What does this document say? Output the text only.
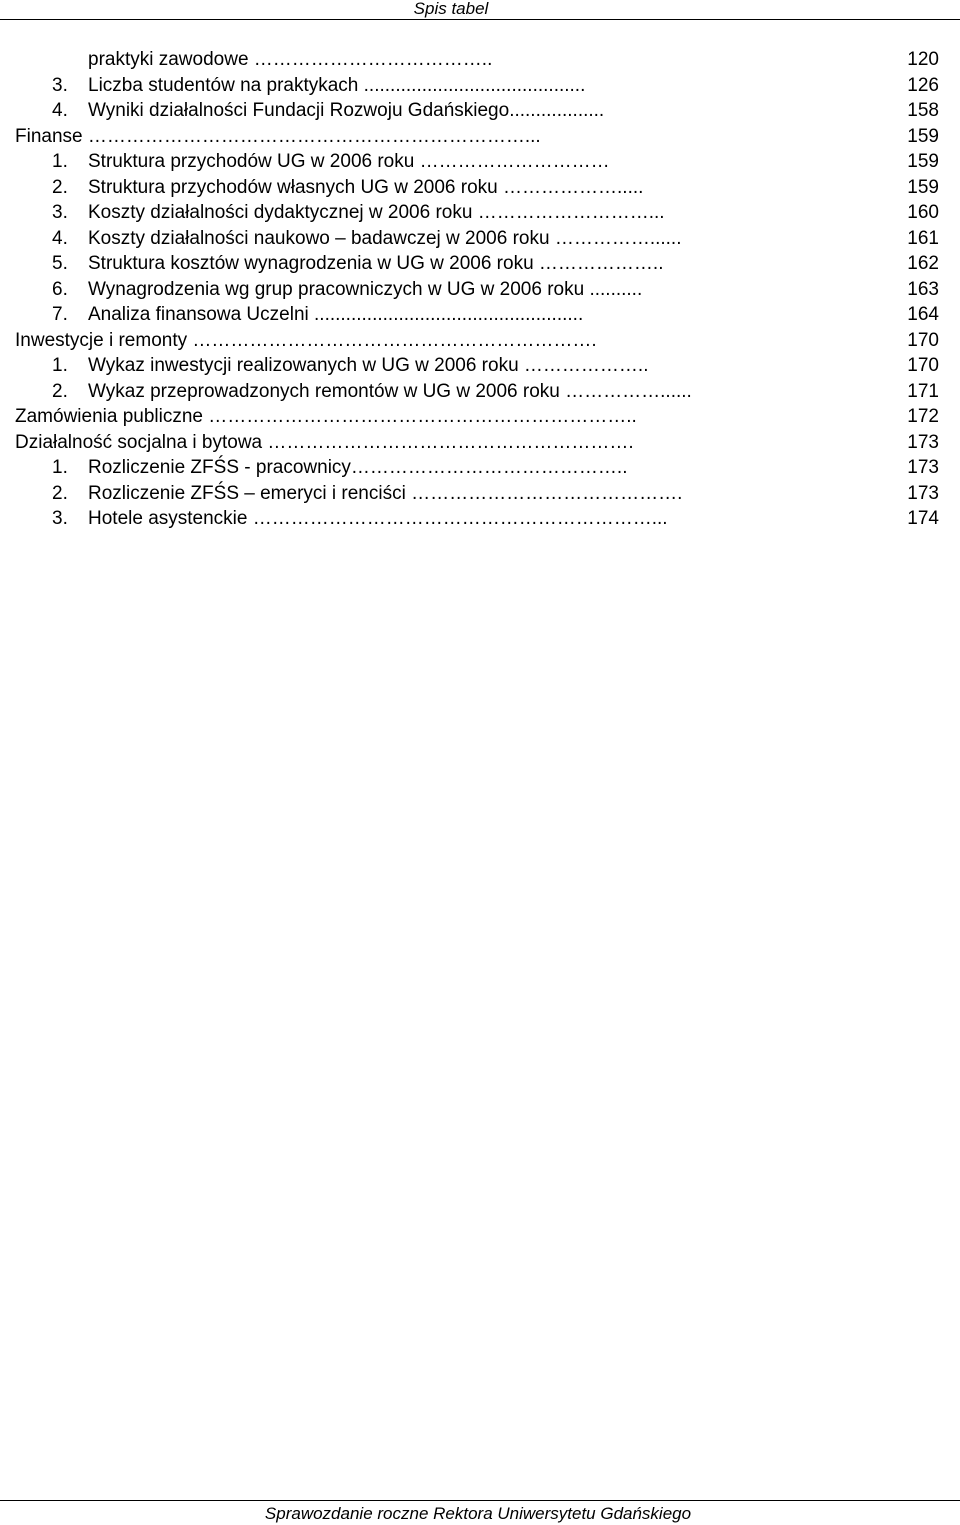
Spis tabel
praktyki zawodowe ………………………………..	120
3. Liczba studentów na praktykach ..........................................	126
4. Wyniki działalności Fundacji Rozwoju Gdańskiego..................	158
Finanse ……………………………………………………………...	159
1. Struktura przychodów UG w 2006 roku …………………………	159
2. Struktura przychodów własnych UG w 2006 roku ……………….....	159
3. Koszty działalności dydaktycznej w 2006 roku ………………………...	160
4. Koszty działalności naukowo – badawczej w 2006 roku ……………......	161
5. Struktura kosztów wynagrodzenia w UG w 2006 roku ………………..	162
6. Wynagrodzenia wg grup pracowniczych w UG w 2006 roku ..........	163
7. Analiza finansowa Uczelni ...................................................	164
Inwestycje i remonty ……………………………………………………….	170
1. Wykaz inwestycji realizowanych w UG w 2006 roku ………………..	170
2. Wykaz przeprowadzonych remontów w UG w 2006 roku ……………......	171
Zamówienia publiczne …………………………………………………………..	172
Działalność socjalna i bytowa ………………………………………………….	173
1. Rozliczenie ZFŚS - pracownicy……………………………………..	173
2. Rozliczenie ZFŚS – emeryci i renciści …………………………………….	173
3. Hotele asystenckie ………………………………………………………...	174
Sprawozdanie roczne Rektora Uniwersytetu Gdańskiego
